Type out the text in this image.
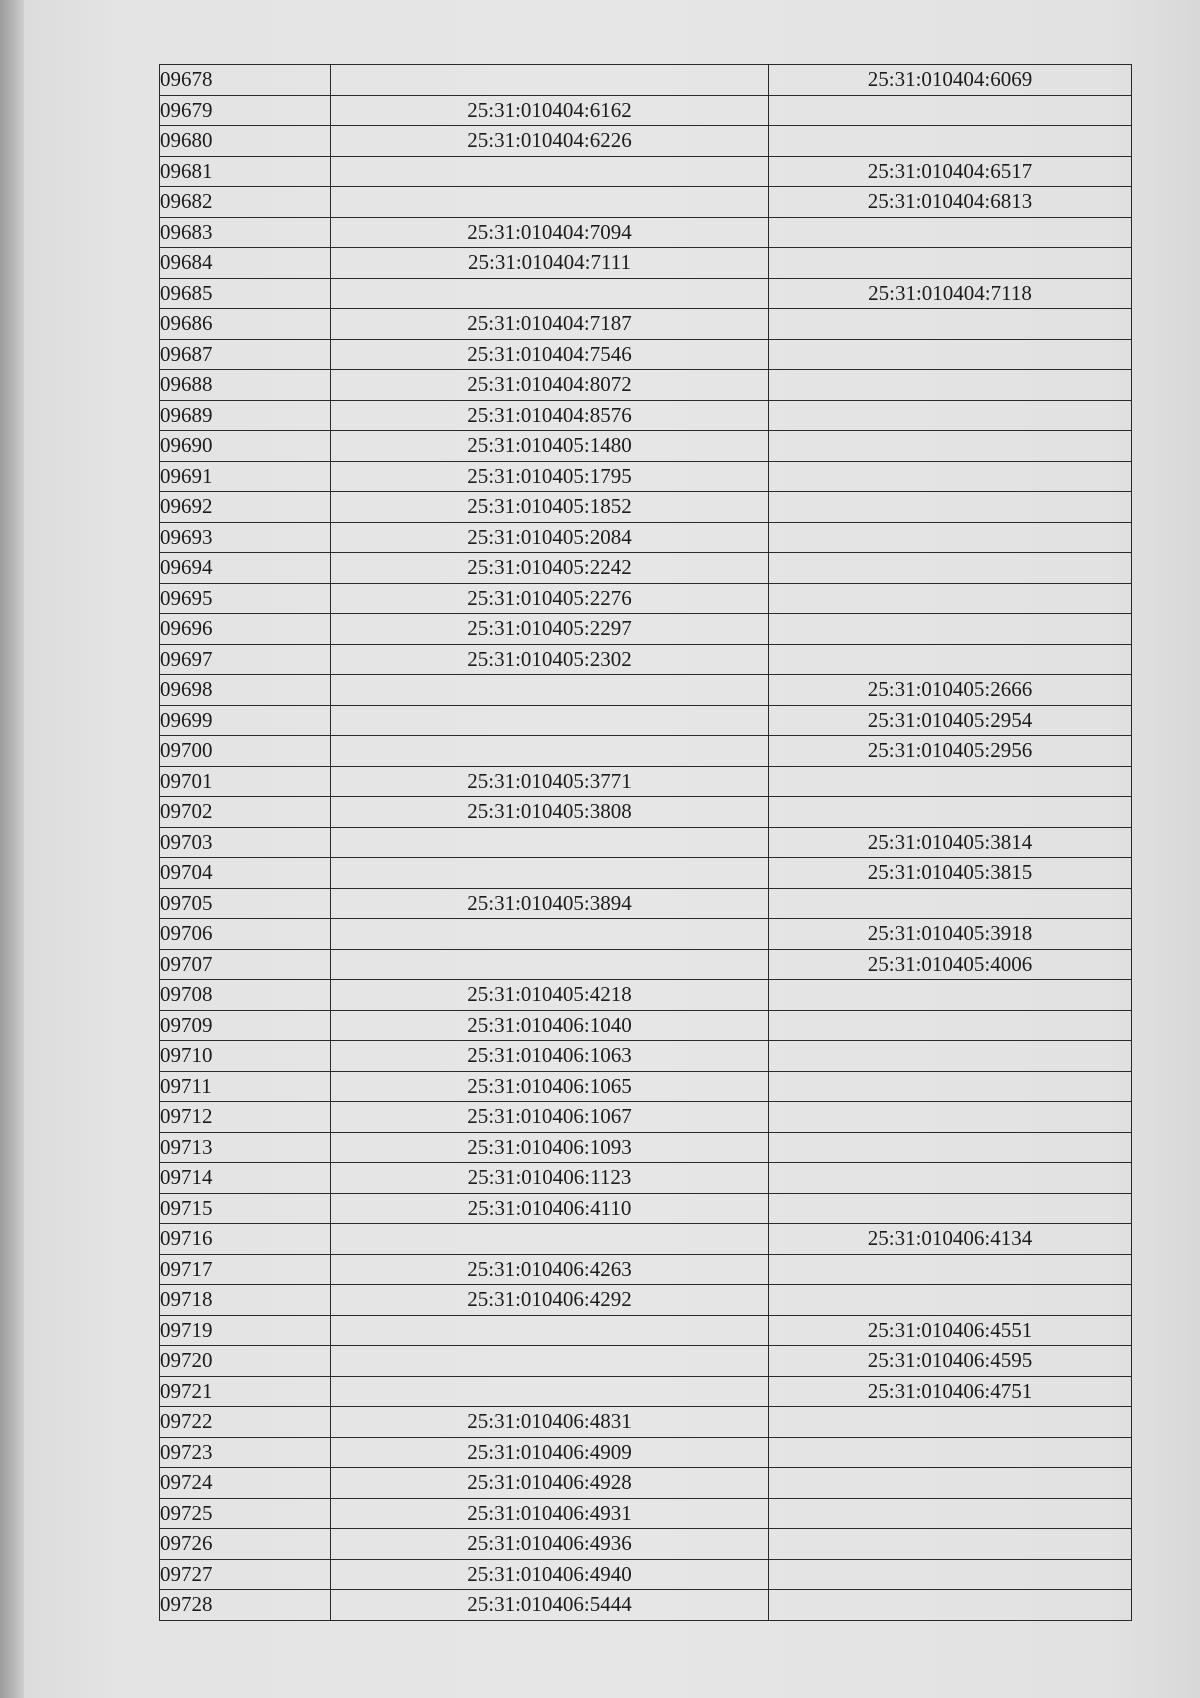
09678		25:31:010404:6069
09679	25:31:010404:6162	
09680	25:31:010404:6226	
09681		25:31:010404:6517
09682		25:31:010404:6813
09683	25:31:010404:7094	
09684	25:31:010404:7111	
09685		25:31:010404:7118
09686	25:31:010404:7187	
09687	25:31:010404:7546	
09688	25:31:010404:8072	
09689	25:31:010404:8576	
09690	25:31:010405:1480	
09691	25:31:010405:1795	
09692	25:31:010405:1852	
09693	25:31:010405:2084	
09694	25:31:010405:2242	
09695	25:31:010405:2276	
09696	25:31:010405:2297	
09697	25:31:010405:2302	
09698		25:31:010405:2666
09699		25:31:010405:2954
09700		25:31:010405:2956
09701	25:31:010405:3771	
09702	25:31:010405:3808	
09703		25:31:010405:3814
09704		25:31:010405:3815
09705	25:31:010405:3894	
09706		25:31:010405:3918
09707		25:31:010405:4006
09708	25:31:010405:4218	
09709	25:31:010406:1040	
09710	25:31:010406:1063	
09711	25:31:010406:1065	
09712	25:31:010406:1067	
09713	25:31:010406:1093	
09714	25:31:010406:1123	
09715	25:31:010406:4110	
09716		25:31:010406:4134
09717	25:31:010406:4263	
09718	25:31:010406:4292	
09719		25:31:010406:4551
09720		25:31:010406:4595
09721		25:31:010406:4751
09722	25:31:010406:4831	
09723	25:31:010406:4909	
09724	25:31:010406:4928	
09725	25:31:010406:4931	
09726	25:31:010406:4936	
09727	25:31:010406:4940	
09728	25:31:010406:5444	
